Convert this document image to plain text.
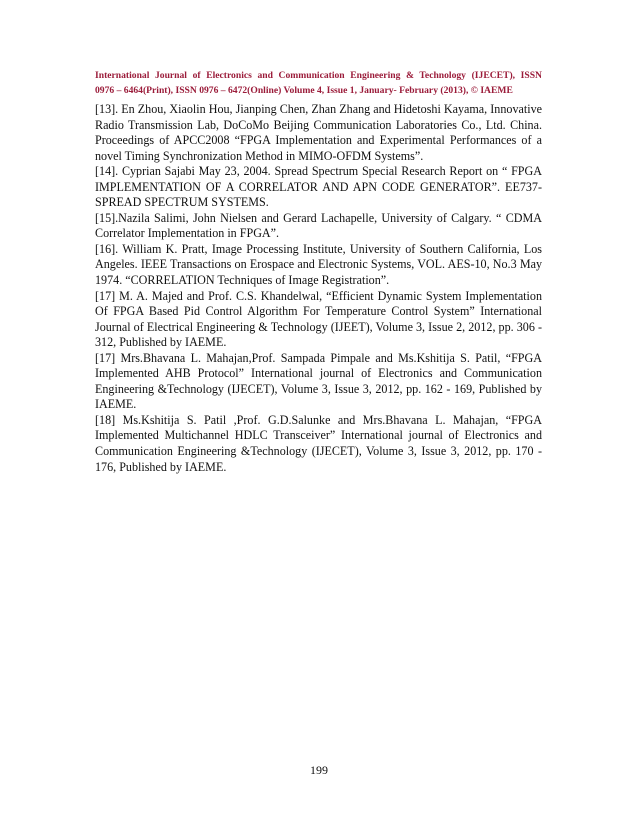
International Journal of Electronics and Communication Engineering & Technology (IJECET), ISSN
0976 – 6464(Print), ISSN 0976 – 6472(Online) Volume 4, Issue 1, January- February (2013), © IAEME

[13]. En Zhou, Xiaolin Hou, Jianping Chen, Zhan Zhang and Hidetoshi Kayama, Innovative Radio Transmission Lab, DoCoMo Beijing Communication Laboratories Co., Ltd. China. Proceedings of APCC2008 “FPGA Implementation and Experimental Performances of a novel Timing Synchronization Method in MIMO-OFDM Systems”.

[14]. Cyprian Sajabi May 23, 2004. Spread Spectrum Special Research Report on “ FPGA IMPLEMENTATION OF A CORRELATOR AND APN CODE GENERATOR”. EE737-SPREAD SPECTRUM SYSTEMS.

[15].Nazila Salimi, John Nielsen and Gerard Lachapelle, University of Calgary. “ CDMA Correlator Implementation in FPGA”.

[16]. William K. Pratt, Image Processing Institute, University of Southern California, Los Angeles. IEEE Transactions on Erospace and Electronic Systems, VOL. AES-10, No.3 May 1974. “CORRELATION Techniques of Image Registration”.

[17] M. A. Majed and Prof. C.S. Khandelwal, “Efficient Dynamic System Implementation Of FPGA Based Pid Control Algorithm For Temperature Control System” International Journal of Electrical Engineering & Technology (IJEET), Volume 3, Issue 2, 2012, pp. 306 - 312, Published by IAEME.

[17] Mrs.Bhavana L. Mahajan,Prof. Sampada Pimpale and Ms.Kshitija S. Patil, “FPGA Implemented AHB Protocol” International journal of Electronics and Communication Engineering &Technology (IJECET), Volume 3, Issue 3, 2012, pp. 162 - 169, Published by IAEME.

[18] Ms.Kshitija S. Patil ,Prof. G.D.Salunke and Mrs.Bhavana L. Mahajan, “FPGA Implemented Multichannel HDLC Transceiver” International journal of Electronics and Communication Engineering &Technology (IJECET), Volume 3, Issue 3, 2012, pp. 170 - 176, Published by IAEME.

199
